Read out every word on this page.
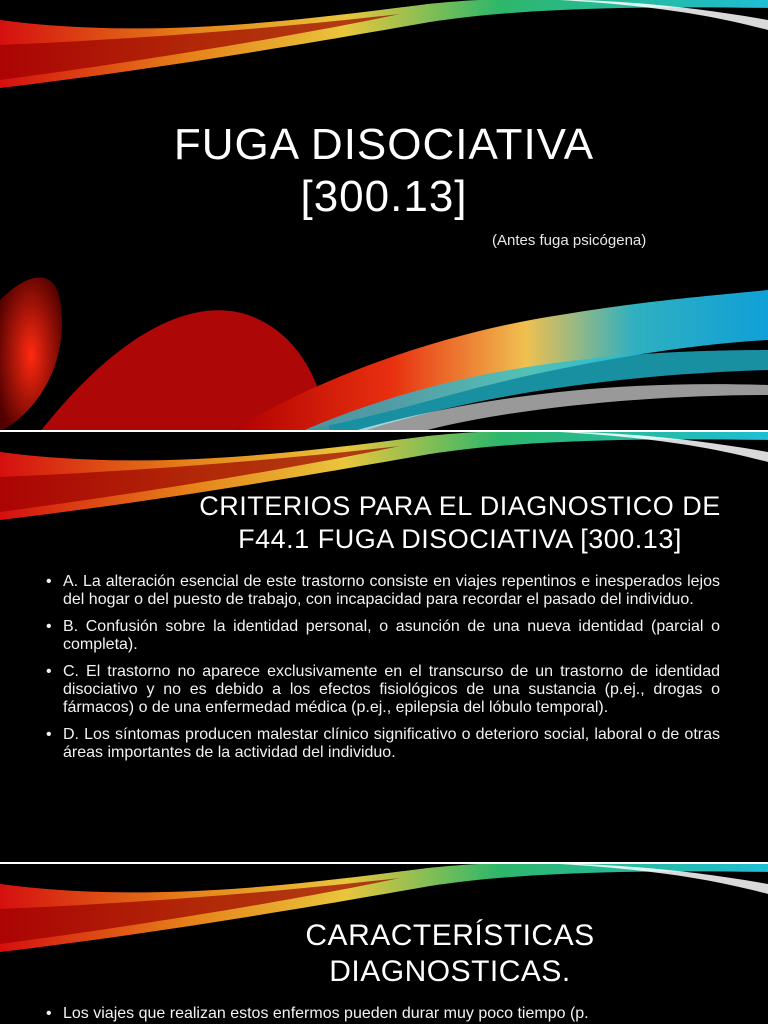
FUGA DISOCIATIVA
[300.13]
(Antes fuga psicógena)
CRITERIOS PARA EL DIAGNOSTICO DE
F44.1 FUGA DISOCIATIVA [300.13]
• A. La alteración esencial de este trastorno consiste en viajes repentinos e inesperados lejos del hogar o del puesto de trabajo, con incapacidad para recordar el pasado del individuo.
• B. Confusión sobre la identidad personal, o asunción de una nueva identidad (parcial o completa).
• C. El trastorno no aparece exclusivamente en el transcurso de un trastorno de identidad disociativo y no es debido a los efectos fisiológicos de una sustancia (p.ej., drogas o fármacos) o de una enfermedad médica (p.ej., epilepsia del lóbulo temporal).
• D. Los síntomas producen malestar clínico significativo o deterioro social, laboral o de otras áreas importantes de la actividad del individuo.
CARACTERÍSTICAS
DIAGNOSTICAS.
• Los viajes que realizan estos enfermos pueden durar muy poco tiempo (p.
